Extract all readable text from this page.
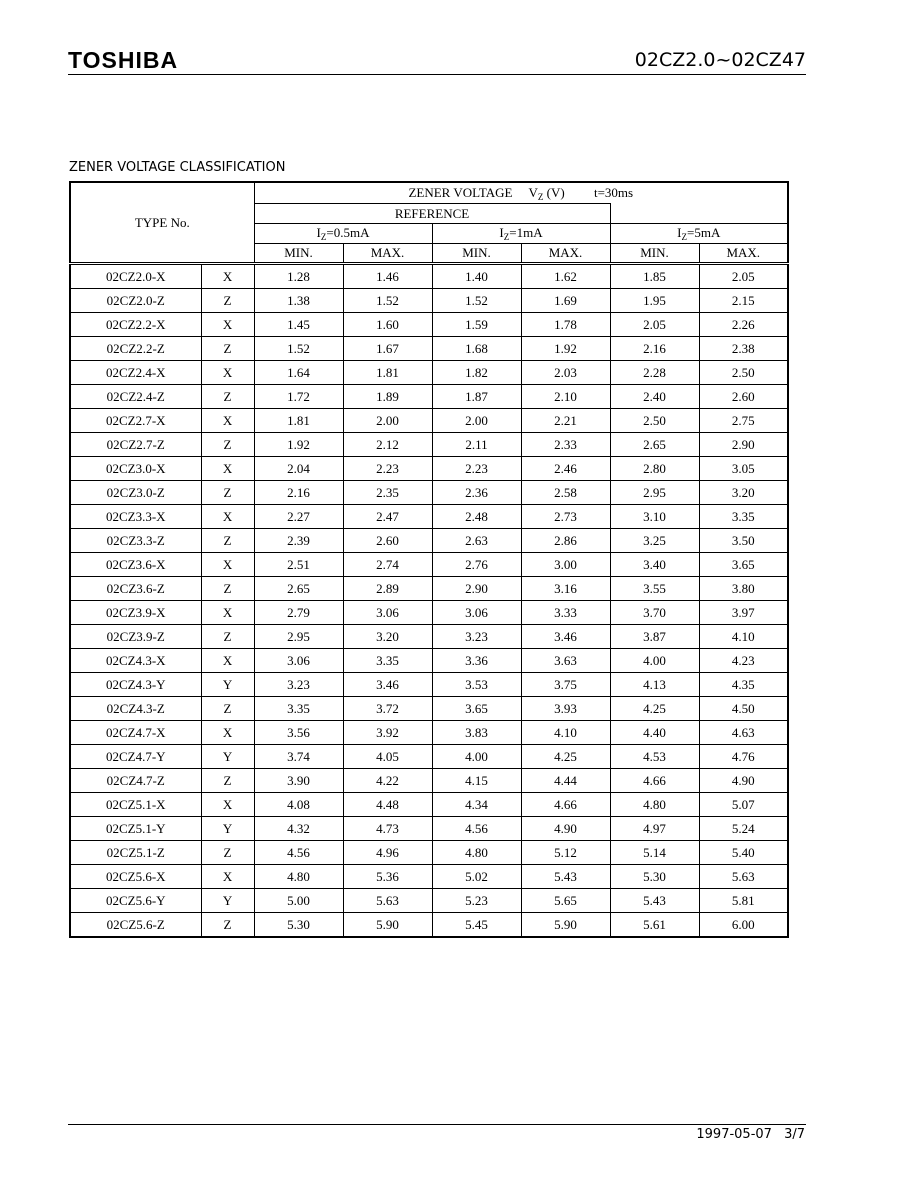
TOSHIBA	02CZ2.0~02CZ47
ZENER VOLTAGE CLASSIFICATION
TYPE No.		ZENER VOLTAGE $V_Z$ (V) t=30ms					
		REFERENCE					
		$I_Z=0.5mA$		$I_Z=1mA$		$I_Z=5mA$	
		MIN.	MAX.	MIN.	MAX.	MIN.	MAX.
02CZ2.0-X	X	1.28	1.46	1.40	1.62	1.85	2.05
02CZ2.0-Z	Z	1.38	1.52	1.52	1.69	1.95	2.15
02CZ2.2-X	X	1.45	1.60	1.59	1.78	2.05	2.26
02CZ2.2-Z	Z	1.52	1.67	1.68	1.92	2.16	2.38
02CZ2.4-X	X	1.64	1.81	1.82	2.03	2.28	2.50
02CZ2.4-Z	Z	1.72	1.89	1.87	2.10	2.40	2.60
02CZ2.7-X	X	1.81	2.00	2.00	2.21	2.50	2.75
02CZ2.7-Z	Z	1.92	2.12	2.11	2.33	2.65	2.90
02CZ3.0-X	X	2.04	2.23	2.23	2.46	2.80	3.05
02CZ3.0-Z	Z	2.16	2.35	2.36	2.58	2.95	3.20
02CZ3.3-X	X	2.27	2.47	2.48	2.73	3.10	3.35
02CZ3.3-Z	Z	2.39	2.60	2.63	2.86	3.25	3.50
02CZ3.6-X	X	2.51	2.74	2.76	3.00	3.40	3.65
02CZ3.6-Z	Z	2.65	2.89	2.90	3.16	3.55	3.80
02CZ3.9-X	X	2.79	3.06	3.06	3.33	3.70	3.97
02CZ3.9-Z	Z	2.95	3.20	3.23	3.46	3.87	4.10
02CZ4.3-X	X	3.06	3.35	3.36	3.63	4.00	4.23
02CZ4.3-Y	Y	3.23	3.46	3.53	3.75	4.13	4.35
02CZ4.3-Z	Z	3.35	3.72	3.65	3.93	4.25	4.50
02CZ4.7-X	X	3.56	3.92	3.83	4.10	4.40	4.63
02CZ4.7-Y	Y	3.74	4.05	4.00	4.25	4.53	4.76
02CZ4.7-Z	Z	3.90	4.22	4.15	4.44	4.66	4.90
02CZ5.1-X	X	4.08	4.48	4.34	4.66	4.80	5.07
02CZ5.1-Y	Y	4.32	4.73	4.56	4.90	4.97	5.24
02CZ5.1-Z	Z	4.56	4.96	4.80	5.12	5.14	5.40
02CZ5.6-X	X	4.80	5.36	5.02	5.43	5.30	5.63
02CZ5.6-Y	Y	5.00	5.63	5.23	5.65	5.43	5.81
02CZ5.6-Z	Z	5.30	5.90	5.45	5.90	5.61	6.00
1997-05-07 3/7
